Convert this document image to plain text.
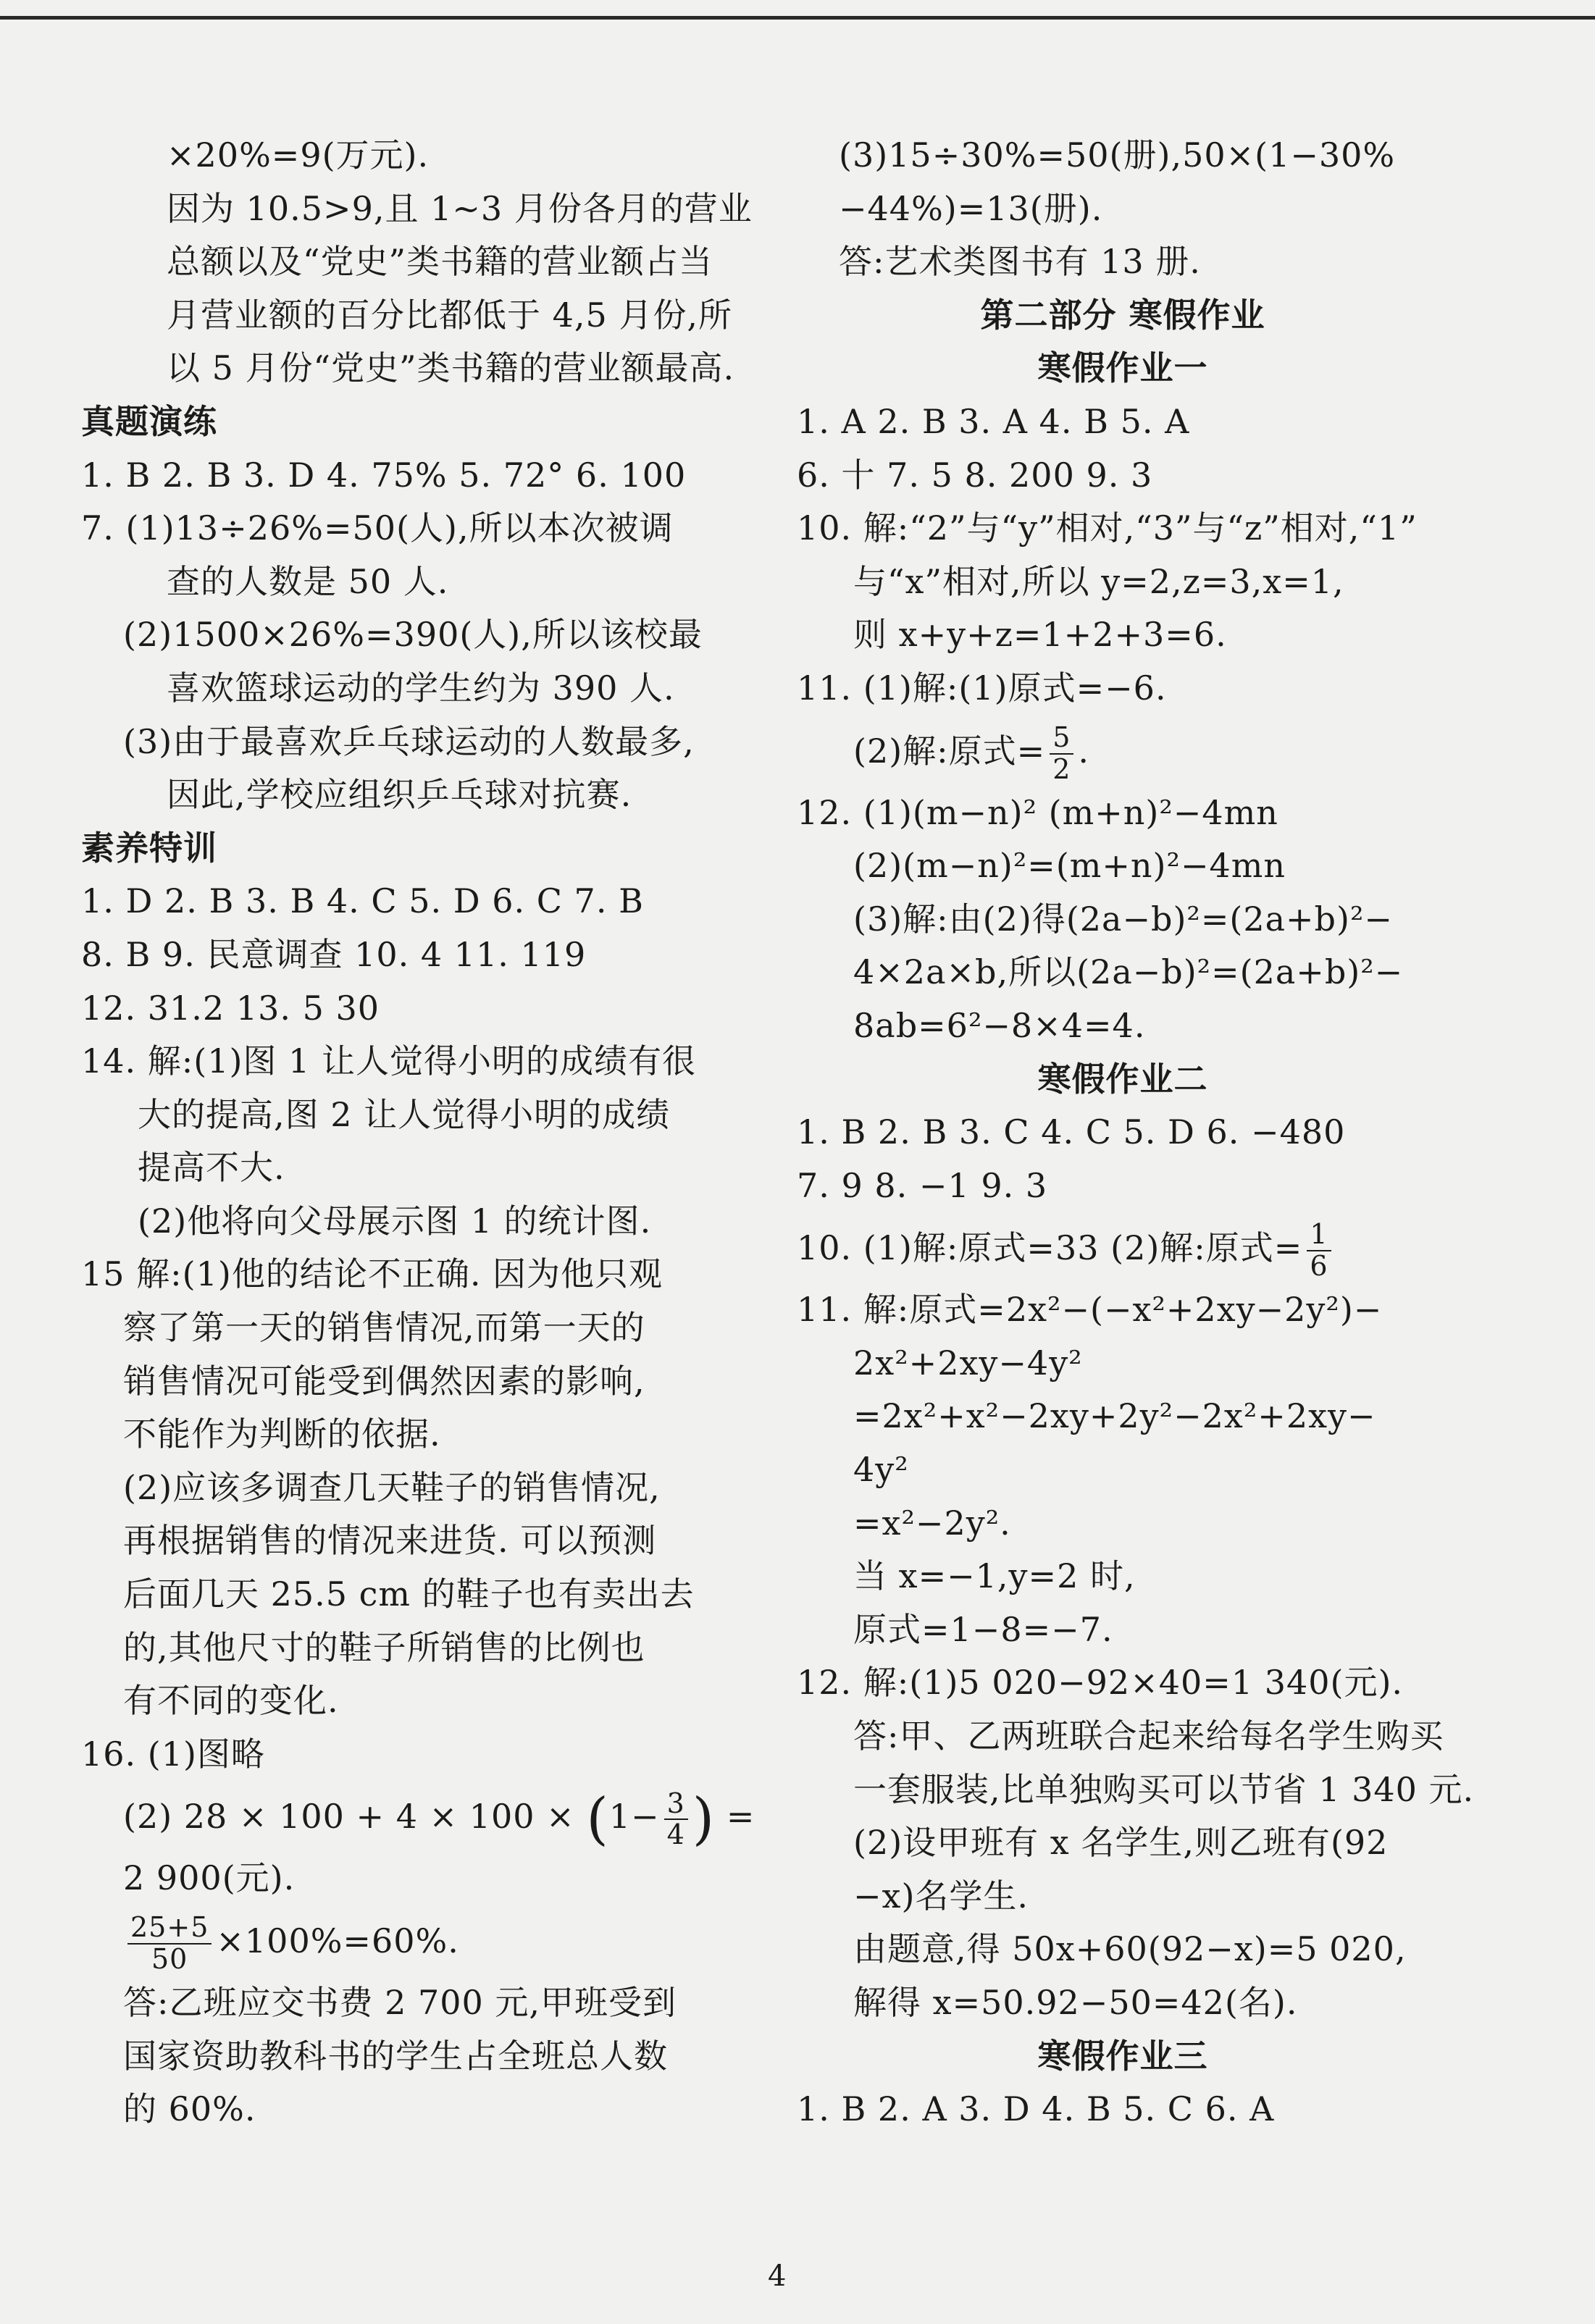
×20%=9(万元).
因为 10.5>9,且 1~3 月份各月的营业
总额以及“党史”类书籍的营业额占当
月营业额的百分比都低于 4,5 月份,所
以 5 月份“党史”类书籍的营业额最高.
真题演练
1. B 2. B 3. D 4. 75% 5. 72° 6. 100
7. (1)13÷26%=50(人),所以本次被调
查的人数是 50 人.
(2)1500×26%=390(人),所以该校最
喜欢篮球运动的学生约为 390 人.
(3)由于最喜欢乒乓球运动的人数最多,
因此,学校应组织乒乓球对抗赛.
素养特训
1. D 2. B 3. B 4. C 5. D 6. C 7. B
8. B 9. 民意调查 10. 4 11. 119
12. 31.2 13. 5 30
14. 解:(1)图 1 让人觉得小明的成绩有很
大的提高,图 2 让人觉得小明的成绩
提高不大.
(2)他将向父母展示图 1 的统计图.
15 解:(1)他的结论不正确. 因为他只观
察了第一天的销售情况,而第一天的
销售情况可能受到偶然因素的影响,
不能作为判断的依据.
(2)应该多调查几天鞋子的销售情况,
再根据销售的情况来进货. 可以预测
后面几天 25.5 cm 的鞋子也有卖出去
的,其他尺寸的鞋子所销售的比例也
有不同的变化.
16. (1)图略
(2) $28 \times 100 + 4 \times 100 \times (1- \frac{3}{4}$ ) =
2 900(元).
$\frac{25+5}{50} \times 100\%=60\%$.
答:乙班应交书费 2 700 元,甲班受到
国家资助教科书的学生占全班总人数
的 60%.
(3)15÷30%=50(册),50×(1−30%
−44%)=13(册).
答:艺术类图书有 13 册.
第二部分 寒假作业
寒假作业一
1. A 2. B 3. A 4. B 5. A
6. 十 7. 5 8. 200 9. 3
10. 解:“2”与“y”相对,“3”与“z”相对,“1”
与“x”相对,所以 y=2,z=3,x=1,
则 x+y+z=1+2+3=6.
11. (1)解:(1)原式=−6.
(2)解:原式= $\frac{5}{2}$ .
12. (1)(m−n)² (m+n)²−4mn
(2)(m−n)²=(m+n)²−4mn
(3)解:由(2)得(2a−b)²=(2a+b)²−
4×2a×b,所以(2a−b)²=(2a+b)²−
8ab=6²−8×4=4.
寒假作业二
1. B 2. B 3. C 4. C 5. D 6. −480
7. 9 8. −1 9. 3
10. (1)解:原式=33 (2)解:原式= $\frac{1}{6}$
11. 解:原式=2x²−(−x²+2xy−2y²)−
2x²+2xy−4y²
=2x²+x²−2xy+2y²−2x²+2xy−
4y²
=x²−2y².
当 x=−1,y=2 时,
原式=1−8=−7.
12. 解:(1)5 020−92×40=1 340(元).
答:甲、乙两班联合起来给每名学生购买
一套服装,比单独购买可以节省 1 340 元.
(2)设甲班有 x 名学生,则乙班有(92
−x)名学生.
由题意,得 50x+60(92−x)=5 020,
解得 x=50.92−50=42(名).
寒假作业三
1. B 2. A 3. D 4. B 5. C 6. A
4
